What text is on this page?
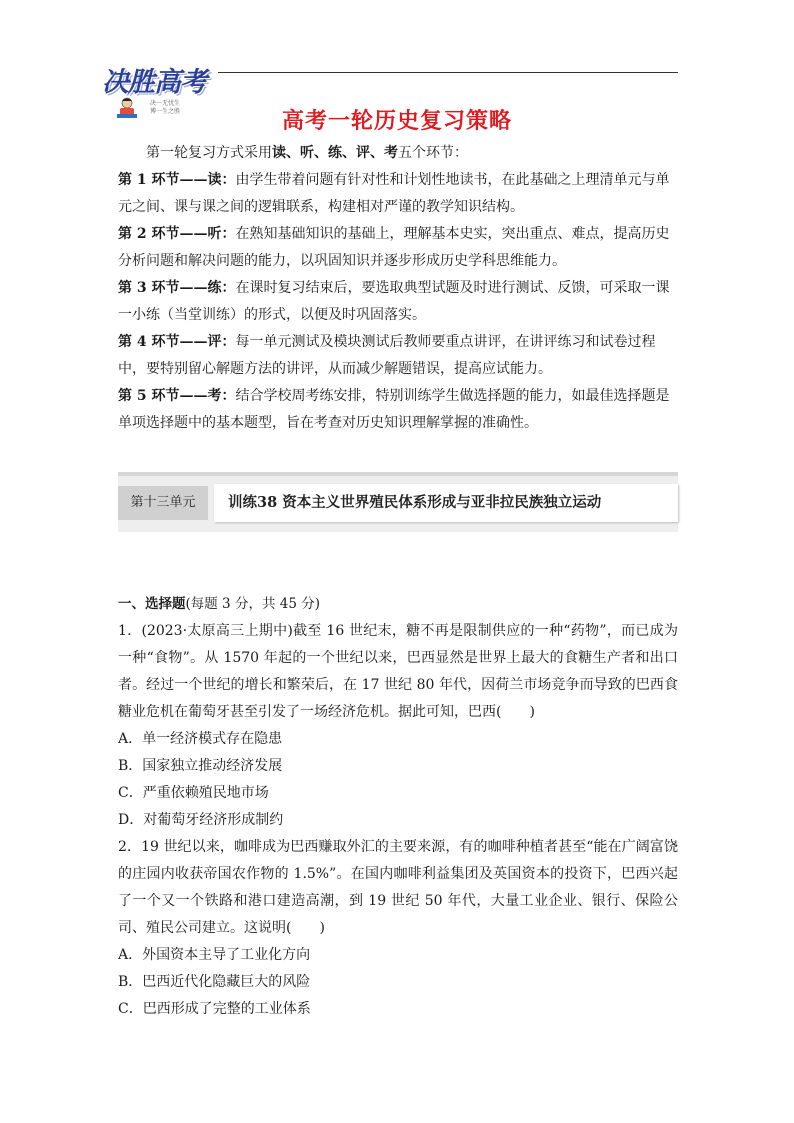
决胜高考
决一无忧生
博一生之胜	高考一轮历史复习策略
第一轮复习方式采用读、听、练、评、考五个环节：
第 1 环节——读：由学生带着问题有针对性和计划性地读书，在此基础之上理清单元与单元之间、课与课之间的逻辑联系，构建相对严谨的教学知识结构。
第 2 环节——听：在熟知基础知识的基础上，理解基本史实，突出重点、难点，提高历史分析问题和解决问题的能力，以巩固知识并逐步形成历史学科思维能力。
第 3 环节——练：在课时复习结束后，要选取典型试题及时进行测试、反馈，可采取一课一小练（当堂训练）的形式，以便及时巩固落实。
第 4 环节——评：每一单元测试及模块测试后教师要重点讲评，在讲评练习和试卷过程中，要特别留心解题方法的讲评，从而减少解题错误，提高应试能力。
第 5 环节——考：结合学校周考练安排，特别训练学生做选择题的能力，如最佳选择题是单项选择题中的基本题型，旨在考查对历史知识理解掌握的准确性。
第十三单元	训练38 资本主义世界殖民体系形成与亚非拉民族独立运动
一、选择题(每题 3 分，共 45 分)
1．(2023·太原高三上期中)截至 16 世纪末，糖不再是限制供应的一种“药物”，而已成为一种“食物”。从 1570 年起的一个世纪以来，巴西显然是世界上最大的食糖生产者和出口者。经过一个世纪的增长和繁荣后，在 17 世纪 80 年代，因荷兰市场竞争而导致的巴西食糖业危机在葡萄牙甚至引发了一场经济危机。据此可知，巴西(　　)
A．单一经济模式存在隐患
B．国家独立推动经济发展
C．严重依赖殖民地市场
D．对葡萄牙经济形成制约
2．19 世纪以来，咖啡成为巴西赚取外汇的主要来源，有的咖啡种植者甚至“能在广阔富饶的庄园内收获帝国农作物的 1.5%”。在国内咖啡利益集团及英国资本的投资下，巴西兴起了一个又一个铁路和港口建造高潮，到 19 世纪 50 年代，大量工业企业、银行、保险公司、殖民公司建立。这说明(　　)
A．外国资本主导了工业化方向
B．巴西近代化隐藏巨大的风险
C．巴西形成了完整的工业体系
